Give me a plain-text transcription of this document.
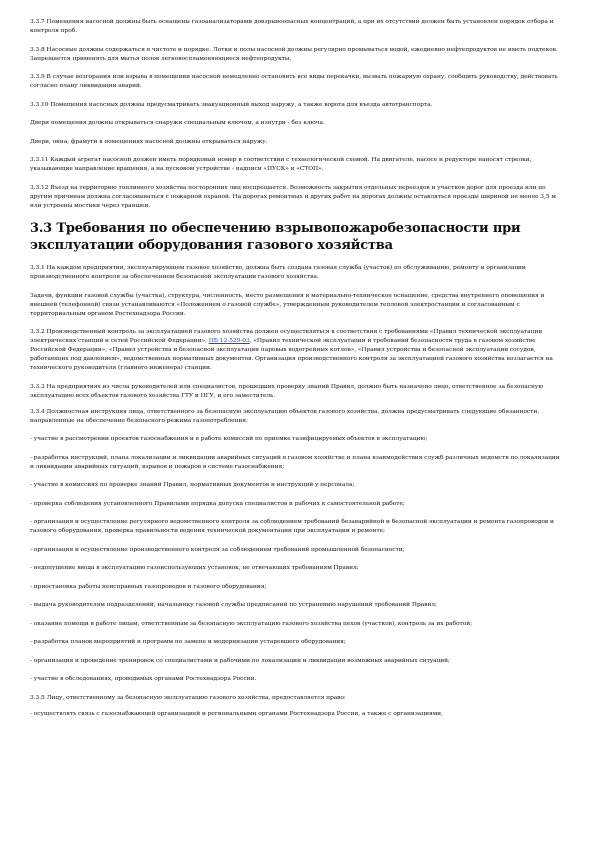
3.3.7 Помещения насосной должны быть оснащены газоанализаторами довзрывоопасных концентраций, а при их отсутствии должен быть установлен порядок отбора и контроля проб.

3.3.8 Насосные должны содержаться в чистоте и порядке. Лотки и полы насосной должны регулярно промываться водой, ежедневно нефтепродуктов не иметь подтеков. Запрещается применять для мытья полов легковоспламеняющиеся нефтепродукты.

3.3.9 В случае возгорания или взрыва в помещении насосной немедленно остановить все виды перекачки, вызвать пожарную охрану, сообщить руководству, действовать согласно плану ликвидации аварий.

3.3.10 Помещения насосных должны предусматривать эвакуационный выход наружу, а также ворота для въезда автотранспорта.

Двери помещения должны открываться снаружи специальным ключом, а изнутри - без ключа.

Двери, окна, фрамуги в помещениях насосной должны открываться наружу.

3.3.11 Каждый агрегат насосной должен иметь порядковый номер в соответствии с технологической схемой. На двигателе, насосе и редукторе наносят стрелки, указывающие направление вращения, а на пусковом устройстве - надписи «ПУСК» и «СТОП».

3.3.12 Въезд на территорию топливного хозяйства посторонних лиц воспрещается. Возможность закрытия отдельных переездов и участков дорог для проезда или по другим причинам должна согласовываться с пожарной охраной. На дорогах ремонтных и других работ на дорогах должны оставляться проезды шириной не менее 3,5 м или устроены мостики через траншеи.

3.3 Требования по обеспечению взрывопожаробезопасности при эксплуатации оборудования газового хозяйства

3.3.1 На каждом предприятии, эксплуатирующем газовое хозяйство, должна быть создана газовая служба (участок) по обслуживанию, ремонту и организации производственного контроля за обеспечением безопасной эксплуатации газового хозяйства.

Задачи, функции газовой службы (участка), структура, численность, место размещения и материально-техническое оснащение, средства внутреннего оповещения и внешней (телефонной) связи устанавливаются «Положением о газовой службе», утвержденным руководителем тепловой электростанции и согласованным с территориальным органом Ростехнадзора России.

3.3.2 Производственный контроль за эксплуатацией газового хозяйства должен осуществляться в соответствии с требованиями «Правил технической эксплуатации электрических станций и сетей Российской Федерации», ПБ 12-529-03, «Правил технической эксплуатации и требований безопасности труда в газовом хозяйстве Российской Федерации», «Правил устройства и безопасной эксплуатации паровых водогрейных котлов», «Правил устройства и безопасной эксплуатации сосудов, работающих под давлением», ведомственных нормативных документов. Организация производственного контроля за эксплуатацией газового хозяйства возлагается на технического руководителя (главного инженера) станции.

3.3.3 На предприятиях из числа руководителей или специалистов, прошедших проверку знаний Правил, должно быть назначено лицо, ответственное за безопасную эксплуатацию всех объектов газового хозяйства ГТУ и ПГУ, и его заместитель.

3.3.4 Должностная инструкция лица, ответственного за безопасную эксплуатацию объектов газового хозяйства, должна предусматривать следующие обязанности, направленные на обеспечение безопасного режима газопотребления:

- участие в рассмотрении проектов газоснабжения и в работе комиссий по приемке газифицируемых объектов в эксплуатацию;

- разработка инструкций, плана локализации и ликвидации аварийных ситуаций в газовом хозяйстве и плана взаимодействия служб различных ведомств по локализации и ликвидации аварийных ситуаций, взрывов и пожаров в системе газоснабжения;

- участие в комиссиях по проверке знаний Правил, нормативных документов и инструкций у персонала;

- проверка соблюдения установленного Правилами порядка допуска специалистов и рабочих к самостоятельной работе;

- организация и осуществление регулярного ведомственного контроля за соблюдением требований безаварийной и безопасной эксплуатации и ремонта газопроводов и газового оборудования, проверка правильности ведения технической документации при эксплуатации и ремонте;

- организация и осуществление производственного контроля за соблюдением требований промышленной безопасности;

- недопущение ввода в эксплуатацию газоиспользующих установок, не отвечающих требованиям Правил;

- приостановка работы неисправных газопроводов и газового оборудования;

- выдача руководителям подразделений, начальнику газовой службы предписаний по устранению нарушений требований Правил;

- оказание помощи в работе лицам, ответственным за безопасную эксплуатацию газового хозяйства цехов (участков), контроль за их работой;

- разработка планов мероприятий и программ по замене и модернизации устаревшего оборудования;

- организация и проведение тренировок со специалистами и рабочими по локализации и ликвидации возможных аварийных ситуаций;

- участие в обследованиях, проводимых органами Ростехнадзора России.

3.3.5 Лицу, ответственному за безопасную эксплуатацию газового хозяйства, предоставляется право:

- осуществлять связь с газоснабжающей организацией и региональными органами Ростехнадзора России, а также с организациями,
